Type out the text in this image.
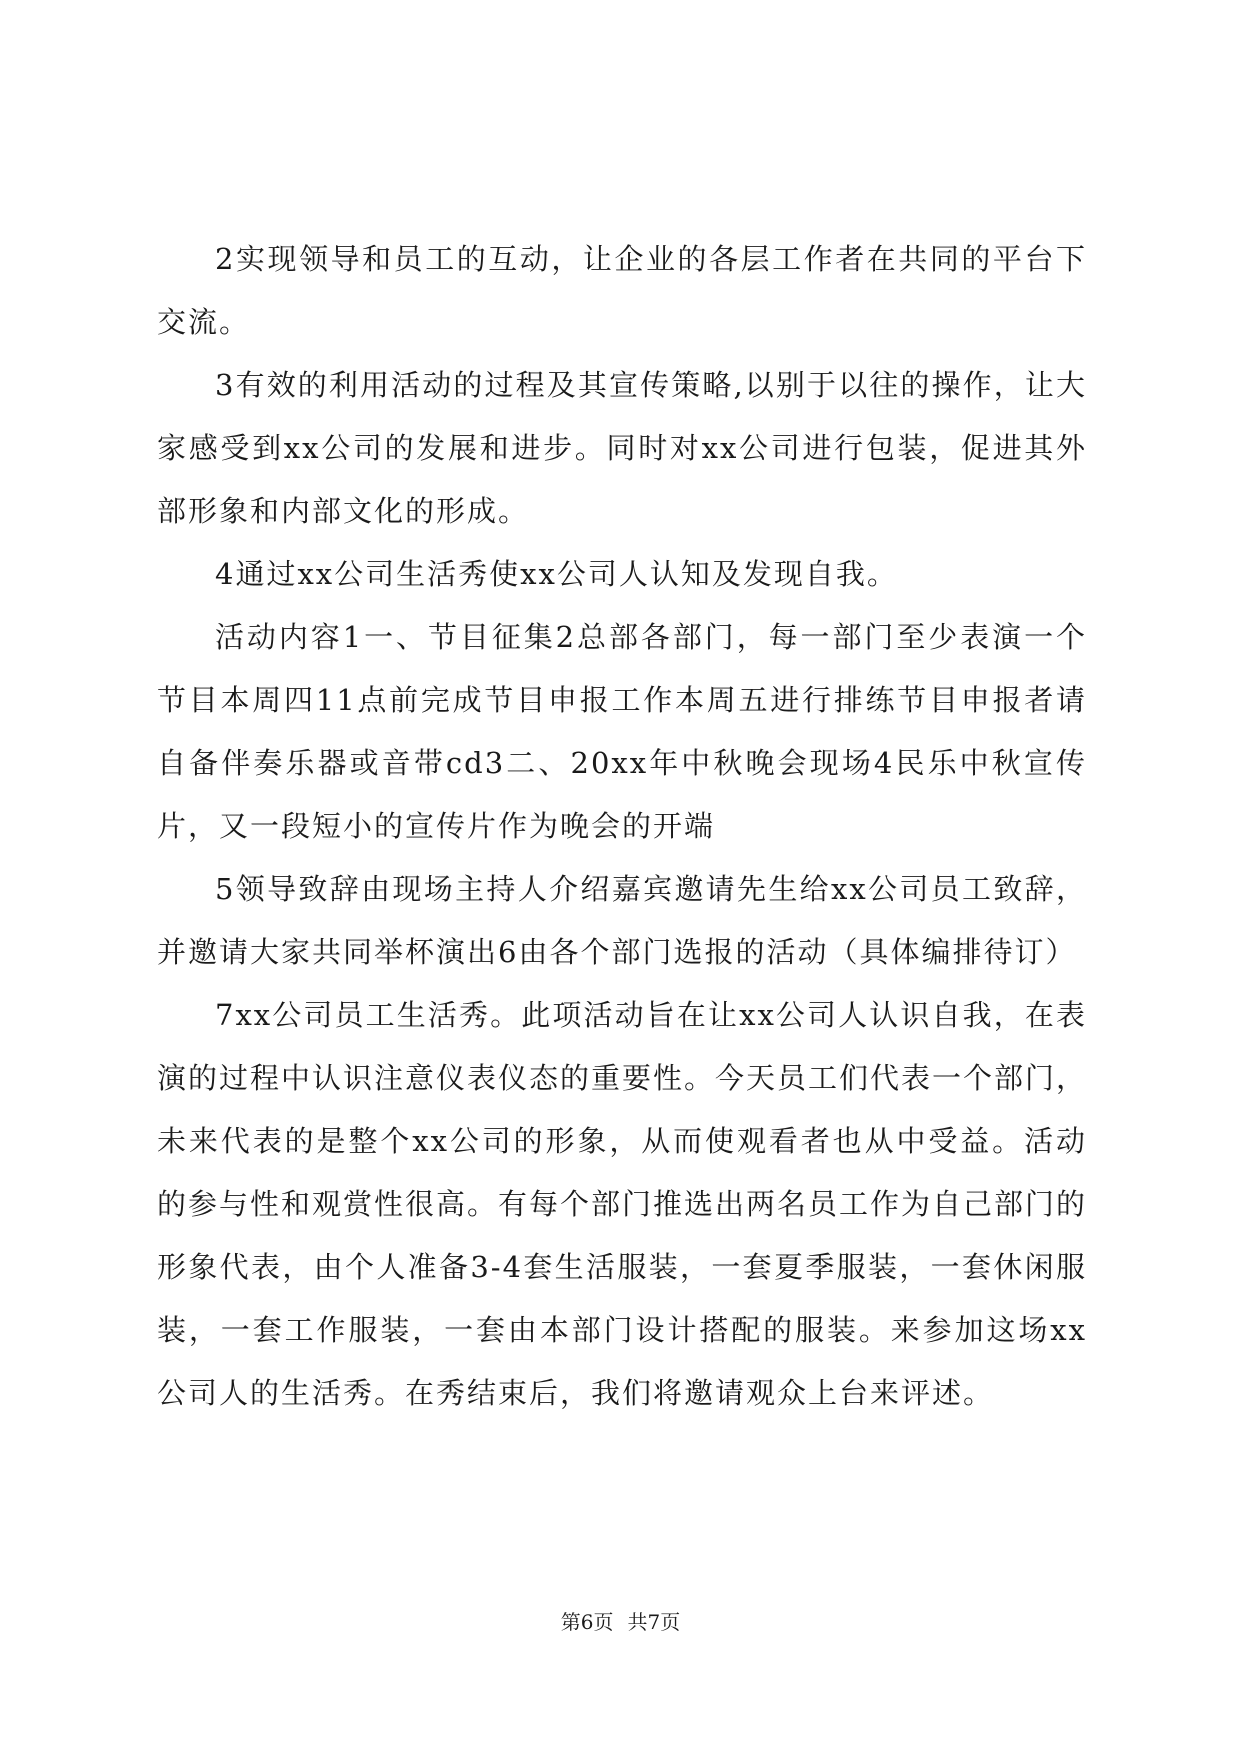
2实现领导和员工的互动，让企业的各层工作者在共同的平台下交流。

3有效的利用活动的过程及其宣传策略,以别于以往的操作，让大家感受到xx公司的发展和进步。同时对xx公司进行包装，促进其外部形象和内部文化的形成。

4通过xx公司生活秀使xx公司人认知及发现自我。

活动内容1一、节目征集2总部各部门，每一部门至少表演一个节目本周四11点前完成节目申报工作本周五进行排练节目申报者请自备伴奏乐器或音带cd3二、20xx年中秋晚会现场4民乐中秋宣传片，又一段短小的宣传片作为晚会的开端

5领导致辞由现场主持人介绍嘉宾邀请先生给xx公司员工致辞，并邀请大家共同举杯演出6由各个部门选报的活动（具体编排待订）

7xx公司员工生活秀。此项活动旨在让xx公司人认识自我，在表演的过程中认识注意仪表仪态的重要性。今天员工们代表一个部门，未来代表的是整个xx公司的形象，从而使观看者也从中受益。活动的参与性和观赏性很高。有每个部门推选出两名员工作为自己部门的形象代表，由个人准备3-4套生活服装，一套夏季服装，一套休闲服装，一套工作服装，一套由本部门设计搭配的服装。来参加这场xx公司人的生活秀。在秀结束后，我们将邀请观众上台来评述。

第6页 共7页
